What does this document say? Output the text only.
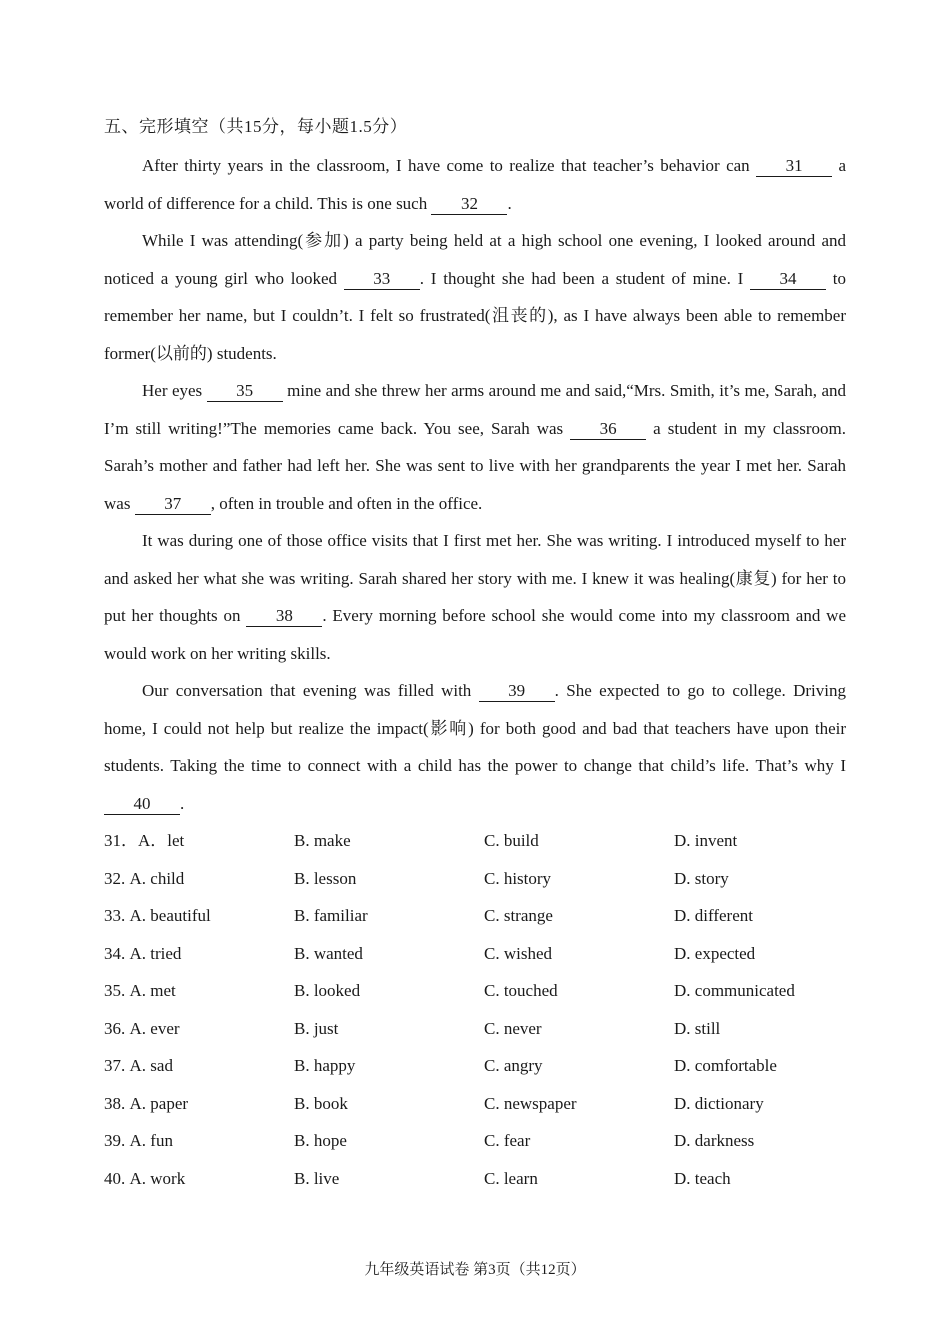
五、完形填空（共15分，每小题1.5分）

After thirty years in the classroom, I have come to realize that teacher’s behavior can 31 a world of difference for a child. This is one such 32 .

While I was attending(参加) a party being held at a high school one evening, I looked around and noticed a young girl who looked 33 . I thought she had been a student of mine. I 34 to remember her name, but I couldn’t. I felt so frustrated(沮丧的), as I have always been able to remember former(以前的) students.

Her eyes 35 mine and she threw her arms around me and said,“Mrs. Smith, it’s me, Sarah, and I’m still writing!”The memories came back. You see, Sarah was 36 a student in my classroom. Sarah’s mother and father had left her. She was sent to live with her grandparents the year I met her. Sarah was 37 , often in trouble and often in the office.

It was during one of those office visits that I first met her. She was writing. I introduced myself to her and asked her what she was writing. Sarah shared her story with me. I knew it was healing(康复) for her to put her thoughts on 38 . Every morning before school she would come into my classroom and we would work on her writing skills.

Our conversation that evening was filled with 39 . She expected to go to college. Driving home, I could not help but realize the impact(影响) for both good and bad that teachers have upon their students. Taking the time to connect with a child has the power to change that child’s life. That’s why I 40 .

31． A．let	B. make	C. build	D. invent
32.
A. child	B. lesson	C. history	D. story
33.
A. beautiful	B. familiar	C. strange	D. different
34.
A. tried	B. wanted	C. wished	D. expected
35.
A. met	B. looked	C. touched	D. communicated
36.
A. ever	B. just	C. never	D. still
37.
A. sad	B. happy	C. angry	D. comfortable
38.
A. paper	B. book	C. newspaper	D. dictionary
39.
A. fun	B. hope	C. fear	D. darkness
40.
A. work	B. live	C. learn	D. teach
九年级英语试卷 第3页（共12页）
